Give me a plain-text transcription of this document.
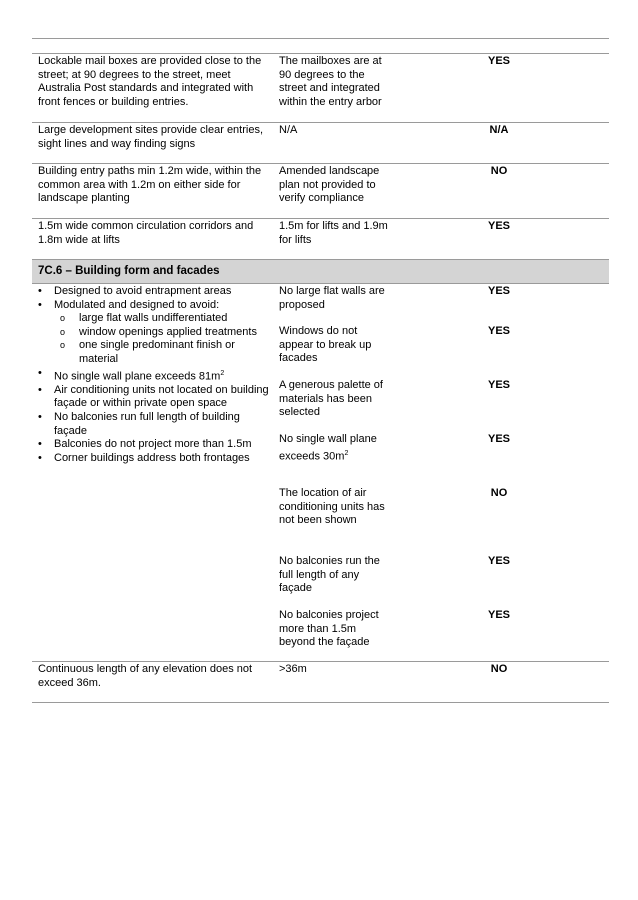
Lockable mail boxes are provided close to the street; at 90 degrees to the street, meet Australia Post standards and integrated with front fences or building entries.
The mailboxes are at 90 degrees to the street and integrated within the entry arbor
YES
Large development sites provide clear entries, sight lines and way finding signs
N/A	N/A
Building entry paths min 1.2m wide, within the common area with 1.2m on either side for landscape planting
Amended landscape plan not provided to verify compliance
NO
1.5m wide common circulation corridors and 1.8m wide at lifts
1.5m for lifts and 1.9m for lifts
YES
7C.6 – Building form and facades
• Designed to avoid entrapment areas
• Modulated and designed to avoid:
o large flat walls undifferentiated
o window openings applied treatments
o one single predominant finish or material
• No single wall plane exceeds $81m^2$
• Air conditioning units not located on building façade or within private open space
• No balconies run full length of building façade
• Balconies do not project more than 1.5m
• Corner buildings address both frontages
No large flat walls are proposed
YES
Windows do not appear to break up facades
YES
A generous palette of materials has been selected
YES
No single wall plane exceeds $30m^2$
YES
The location of air conditioning units has not been shown
NO
No balconies run the full length of any façade
YES
No balconies project more than 1.5m beyond the façade
YES
Continuous length of any elevation does not exceed 36m.
>36m	NO
